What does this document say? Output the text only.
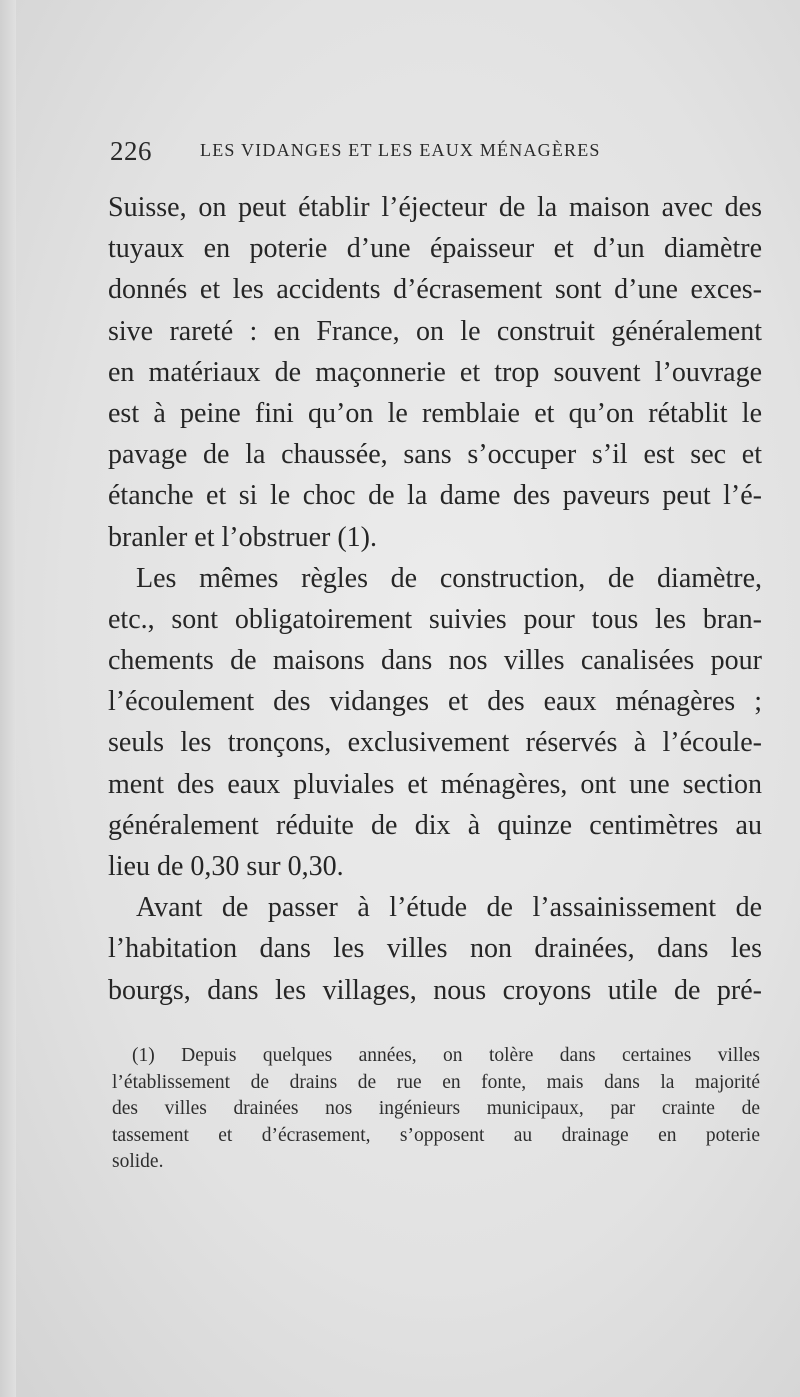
226	LES VIDANGES ET LES EAUX MÉNAGÈRES
Suisse, on peut établir l’éjecteur de la maison avec des
tuyaux en poterie d’une épaisseur et d’un diamètre
donnés et les accidents d’écrasement sont d’une exces-
sive rareté : en France, on le construit généralement
en matériaux de maçonnerie et trop souvent l’ouvrage
est à peine fini qu’on le remblaie et qu’on rétablit le
pavage de la chaussée, sans s’occuper s’il est sec et
étanche et si le choc de la dame des paveurs peut l’é-
branler et l’obstruer (1).
Les mêmes règles de construction, de diamètre,
etc., sont obligatoirement suivies pour tous les bran-
chements de maisons dans nos villes canalisées pour
l’écoulement des vidanges et des eaux ménagères ;
seuls les tronçons, exclusivement réservés à l’écoule-
ment des eaux pluviales et ménagères, ont une section
généralement réduite de dix à quinze centimètres au
lieu de 0,30 sur 0,30.
Avant de passer à l’étude de l’assainissement de
l’habitation dans les villes non drainées, dans les
bourgs, dans les villages, nous croyons utile de pré-
(1) Depuis quelques années, on tolère dans certaines villes
l’établissement de drains de rue en fonte, mais dans la majorité
des villes drainées nos ingénieurs municipaux, par crainte de
tassement et d’écrasement, s’opposent au drainage en poterie
solide.
